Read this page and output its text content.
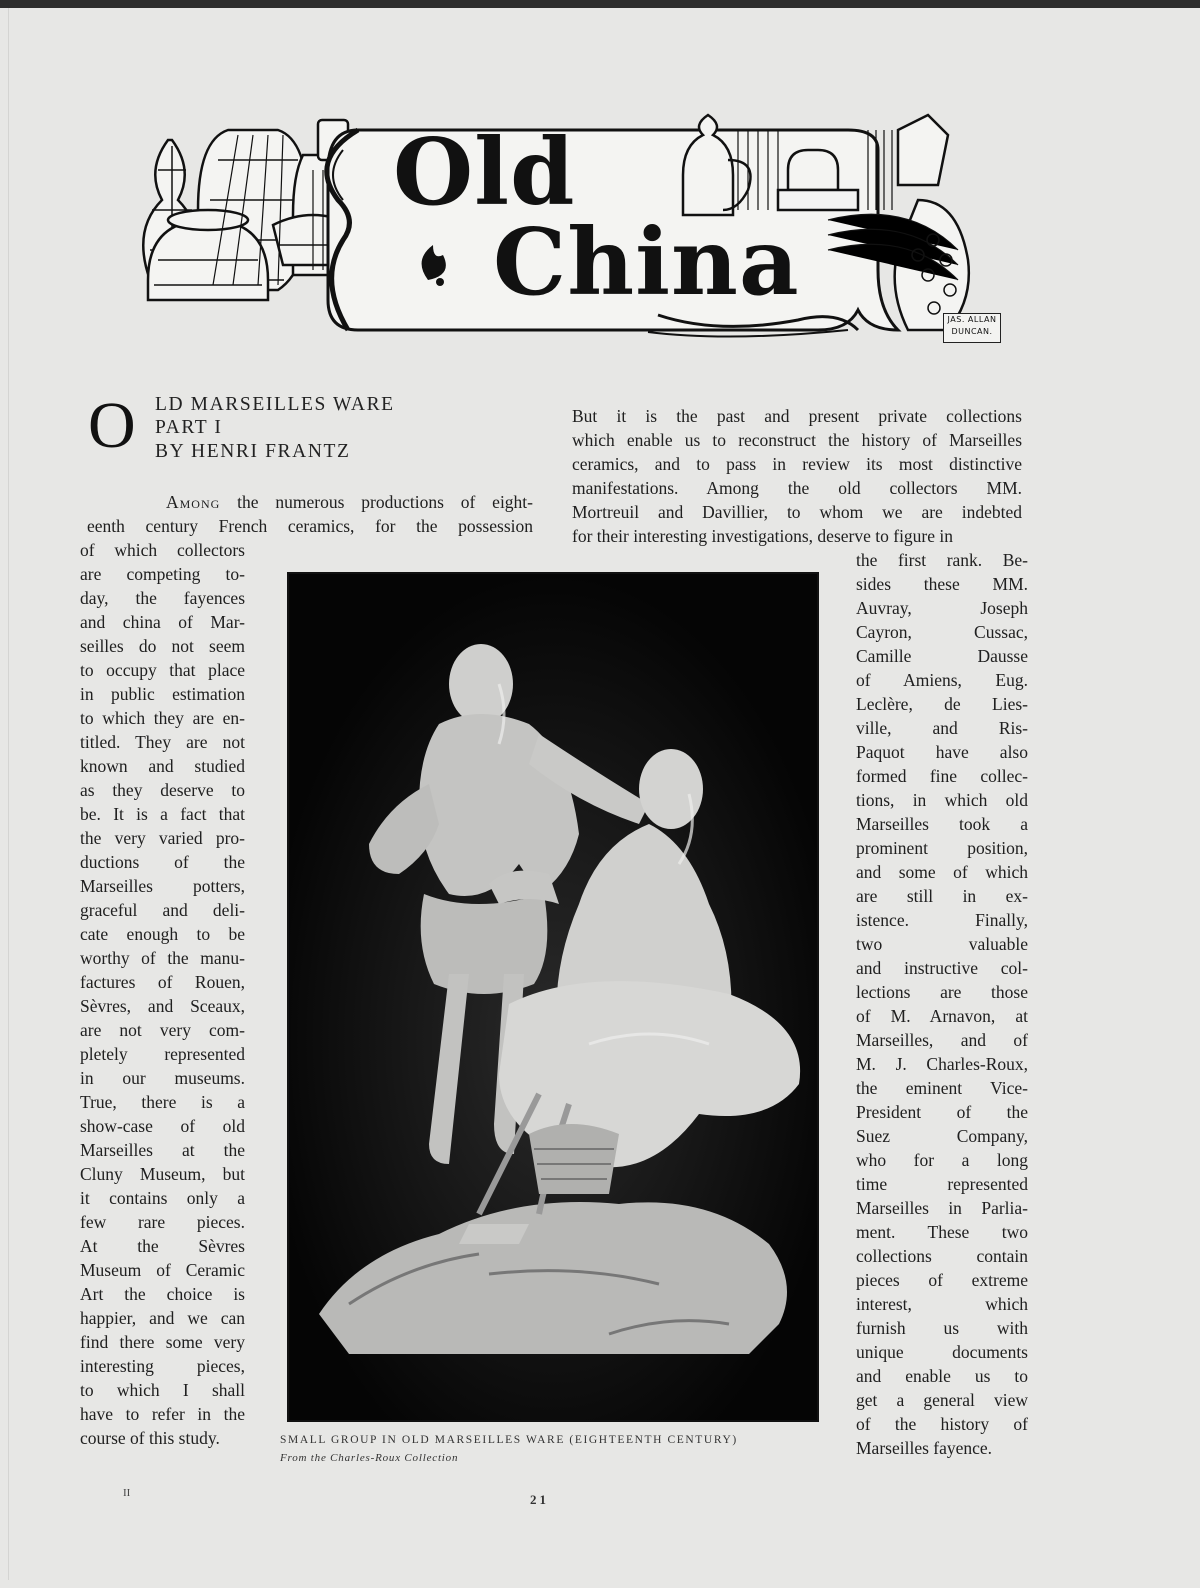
Old
China
JAS. ALLAN
DUNCAN.
O LD MARSEILLES WARE
PART I
BY HENRI FRANTZ
Among the numerous productions of eight-
eenth century French ceramics, for the possession
of which collectors
are competing to-
day, the fayences
and china of Mar-
seilles do not seem
to occupy that place
in public estimation
to which they are en-
titled. They are not
known and studied
as they deserve to
be. It is a fact that
the very varied pro-
ductions of the
Marseilles potters,
graceful and deli-
cate enough to be
worthy of the manu-
factures of Rouen,
Sèvres, and Sceaux,
are not very com-
pletely represented
in our museums.
True, there is a
show-case of old
Marseilles at the
Cluny Museum, but
it contains only a
few rare pieces.
At the Sèvres
Museum of Ceramic
Art the choice is
happier, and we can
find there some very
interesting pieces,
to which I shall
have to refer in the
course of this study.
But it is the past and present private collections
which enable us to reconstruct the history of Marseilles
ceramics, and to pass in review its most distinctive
manifestations. Among the old collectors MM.
Mortreuil and Davillier, to whom we are indebted
for their interesting investigations, deserve to figure in
the first rank. Be-
sides these MM.
Auvray, Joseph
Cayron, Cussac,
Camille Dausse
of Amiens, Eug.
Leclère, de Lies-
ville, and Ris-
Paquot have also
formed fine collec-
tions, in which old
Marseilles took a
prominent position,
and some of which
are still in ex-
istence. Finally,
two valuable
and instructive col-
lections are those
of M. Arnavon, at
Marseilles, and of
M. J. Charles-Roux,
the eminent Vice-
President of the
Suez Company,
who for a long
time represented
Marseilles in Parlia-
ment. These two
collections contain
pieces of extreme
interest, which
furnish us with
unique documents
and enable us to
get a general view
of the history of
Marseilles fayence.
SMALL GROUP IN OLD MARSEILLES WARE (EIGHTEENTH CENTURY)
From the Charles-Roux Collection
II	21
